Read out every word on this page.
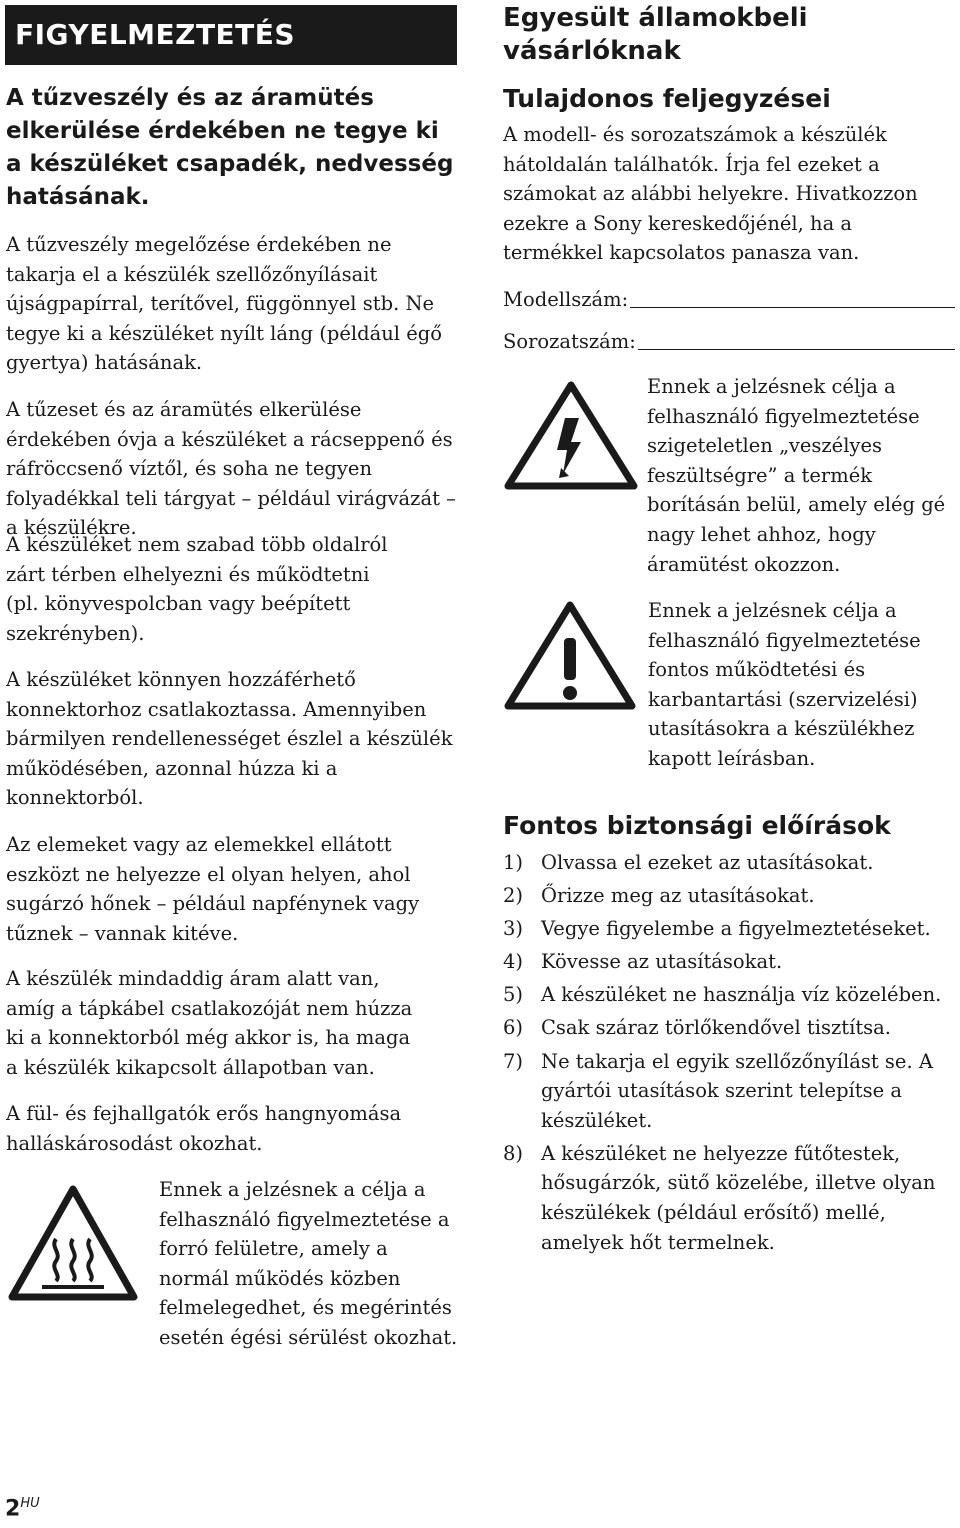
FIGYELMEZTETÉS
A tűzveszély és az áramütés
elkerülése érdekében ne tegye ki
a készüléket csapadék, nedvesség
hatásának.

A tűzveszély megelőzése érdekében ne takarja el a készülék szellőzőnyílásait újságpapírral, terítővel, függönnyel stb. Ne tegye ki a készüléket nyílt láng (például égő gyertya) hatásának.

A tűzeset és az áramütés elkerülése érdekében óvja a készüléket a rácseppenő és ráfröccsenő víztől, és soha ne tegyen folyadékkal teli tárgyat – például virágvázát – a készülékre.

A készüléket nem szabad több oldalról zárt térben elhelyezni és működtetni (pl. könyvespolcban vagy beépített szekrényben).

A készüléket könnyen hozzáférhető konnektorhoz csatlakoztassa. Amennyiben bármilyen rendellenességet észlel a készülék működésében, azonnal húzza ki a konnektorból.

Az elemeket vagy az elemekkel ellátott eszközt ne helyezze el olyan helyen, ahol sugárzó hőnek – például napfénynek vagy tűznek – vannak kitéve.

A készülék mindaddig áram alatt van, amíg a tápkábel csatlakozóját nem húzza ki a konnektorból még akkor is, ha maga a készülék kikapcsolt állapotban van.

A fül- és fejhallgatók erős hangnyomása halláskárosodást okozhat.

Ennek a jelzésnek a célja a felhasználó figyelmeztetése a forró felületre, amely a normál működés közben felmelegedhet, és megérintés esetén égési sérülést okozhat.

Egyesült államokbeli vásárlóknak
Tulajdonos feljegyzései

A modell- és sorozatszámok a készülék hátoldalán találhatók. Írja fel ezeket a számokat az alábbi helyekre. Hivatkozzon ezekre a Sony kereskedőjénél, ha a termékkel kapcsolatos panasza van.

Modellszám:
Sorozatszám:

Ennek a jelzésnek célja a felhasználó figyelmeztetése szigeteletlen „veszélyes feszültségre” a termék borításán belül, amely elég gé nagy lehet ahhoz, hogy áramütést okozzon.

Ennek a jelzésnek célja a felhasználó figyelmeztetése fontos működtetési és karbantartási (szervizelési) utasításokra a készülékhez kapott leírásban.

Fontos biztonsági előírások
1) Olvassa el ezeket az utasításokat.
2) Őrizze meg az utasításokat.
3) Vegye figyelembe a figyelmeztetéseket.
4) Kövesse az utasításokat.
5) A készüléket ne használja víz közelében.
6) Csak száraz törlőkendővel tisztítsa.
7) Ne takarja el egyik szellőzőnyílást se. A gyártói utasítások szerint telepítse a készüléket.
8) A készüléket ne helyezze fűtőtestek, hősugárzók, sütő közelébe, illetve olyan készülékek (például erősítő) mellé, amelyek hőt termelnek.
$2^{HU}$
